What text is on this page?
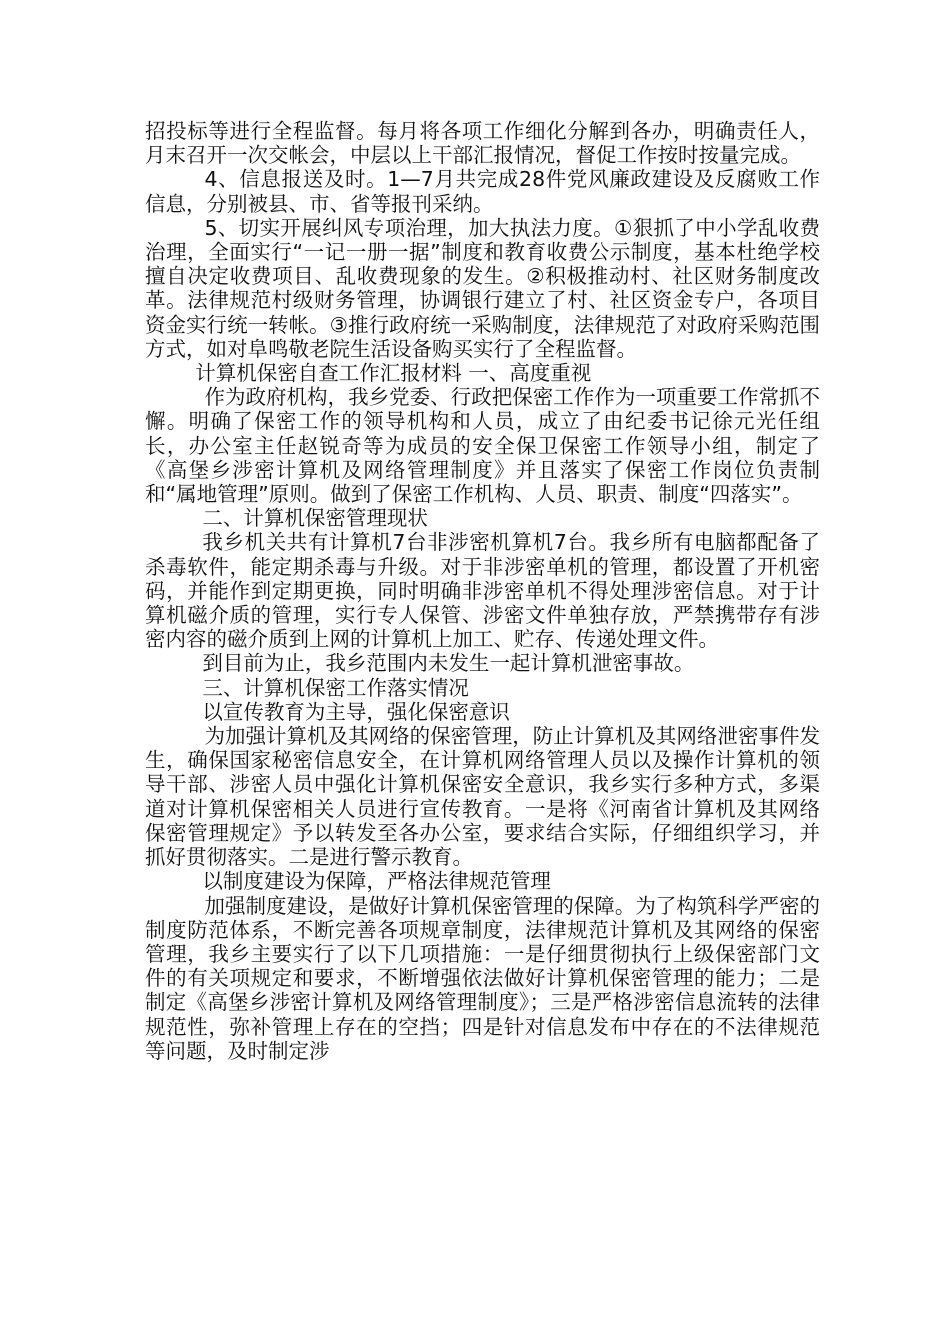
招投标等进行全程监督。每月将各项工作细化分解到各办，明确责任人，月末召开一次交帐会，中层以上干部汇报情况，督促工作按时按量完成。

4、信息报送及时。1—7月共完成28件党风廉政建设及反腐败工作信息，分别被县、市、省等报刊采纳。

5、切实开展纠风专项治理，加大执法力度。①狠抓了中小学乱收费治理，全面实行“一记一册一据”制度和教育收费公示制度，基本杜绝学校擅自决定收费项目、乱收费现象的发生。②积极推动村、社区财务制度改革。法律规范村级财务管理，协调银行建立了村、社区资金专户，各项目资金实行统一转帐。③推行政府统一采购制度，法律规范了对政府采购范围方式，如对阜鸣敬老院生活设备购买实行了全程监督。

计算机保密自查工作汇报材料 一、高度重视

作为政府机构，我乡党委、行政把保密工作作为一项重要工作常抓不懈。明确了保密工作的领导机构和人员，成立了由纪委书记徐元光任组长，办公室主任赵锐奇等为成员的安全保卫保密工作领导小组，制定了《高堡乡涉密计算机及网络管理制度》并且落实了保密工作岗位负责制和“属地管理”原则。做到了保密工作机构、人员、职责、制度“四落实”。

二、计算机保密管理现状

我乡机关共有计算机7台非涉密机算机7台。我乡所有电脑都配备了杀毒软件，能定期杀毒与升级。对于非涉密单机的管理，都设置了开机密码，并能作到定期更换，同时明确非涉密单机不得处理涉密信息。对于计算机磁介质的管理，实行专人保管、涉密文件单独存放，严禁携带存有涉密内容的磁介质到上网的计算机上加工、贮存、传递处理文件。

到目前为止，我乡范围内未发生一起计算机泄密事故。

三、计算机保密工作落实情况

以宣传教育为主导，强化保密意识

为加强计算机及其网络的保密管理，防止计算机及其网络泄密事件发生，确保国家秘密信息安全，在计算机网络管理人员以及操作计算机的领导干部、涉密人员中强化计算机保密安全意识，我乡实行多种方式，多渠道对计算机保密相关人员进行宣传教育。一是将《河南省计算机及其网络保密管理规定》予以转发至各办公室，要求结合实际，仔细组织学习，并抓好贯彻落实。二是进行警示教育。

以制度建设为保障，严格法律规范管理

加强制度建设，是做好计算机保密管理的保障。为了构筑科学严密的制度防范体系，不断完善各项规章制度，法律规范计算机及其网络的保密管理，我乡主要实行了以下几项措施：一是仔细贯彻执行上级保密部门文件的有关项规定和要求，不断增强依法做好计算机保密管理的能力；二是制定《高堡乡涉密计算机及网络管理制度》；三是严格涉密信息流转的法律规范性，弥补管理上存在的空挡；四是针对信息发布中存在的不法律规范等问题，及时制定涉
